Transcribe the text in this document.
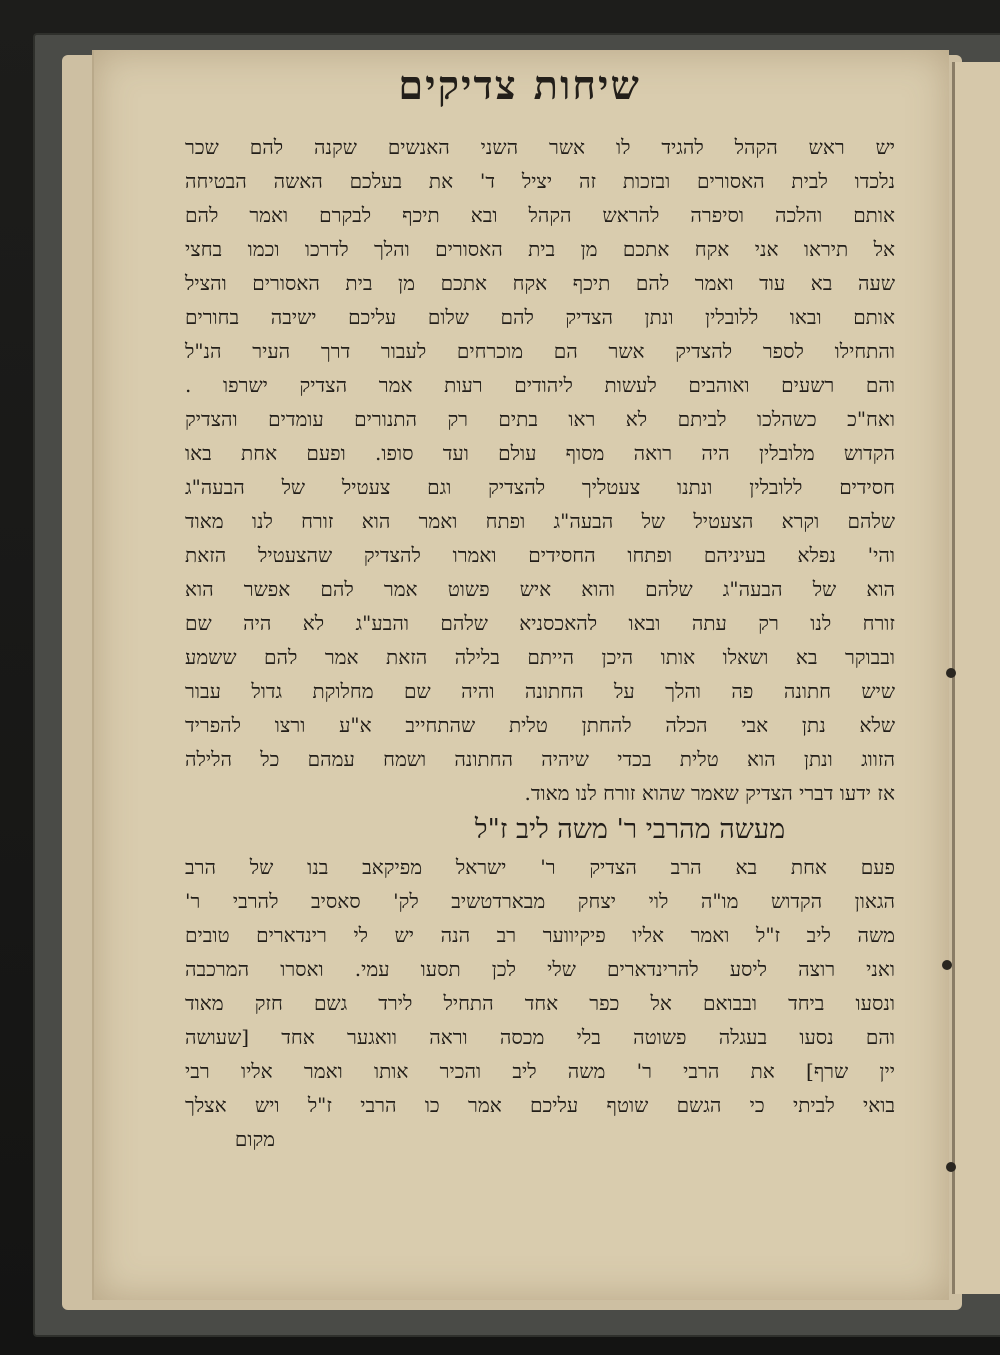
שיחות צדיקים
יש ראש הקהל להגיד לו אשר השני האנשים שקנה להם שכר
נלכדו לבית האסורים ובזכות זה יציל ד' את בעלכם האשה הבטיחה
אותם והלכה וסיפרה להראש הקהל ובא תיכף לבקרם ואמר להם
אל תיראו אני אקח אתכם מן בית האסורים והלך לדרכו וכמו בחצי
שעה בא עוד ואמר להם תיכף אקח אתכם מן בית האסורים והציל
אותם ובאו ללובלין ונתן הצדיק להם שלום עליכם ישיבה בחורים
והתחילו לספר להצדיק אשר הם מוכרחים לעבור דרך העיר הנ"ל
והם רשעים ואוהבים לעשות ליהודים רעות אמר הצדיק ישרפו .
ואח"כ כשהלכו לביתם לא ראו בתים רק התנורים עומדים והצדיק
הקדוש מלובלין היה רואה מסוף עולם ועד סופו. ופעם אחת באו
חסידים ללובלין ונתנו צעטליך להצדיק וגם צעטיל של הבעה"ג
שלהם וקרא הצעטיל של הבעה"ג ופתח ואמר הוא זורח לנו מאוד
והי' נפלא בעיניהם ופתחו החסידים ואמרו להצדיק שהצעטיל הזאת
הוא של הבעה"ג שלהם והוא איש פשוט אמר להם אפשר הוא
זורח לנו רק עתה ובאו להאכסניא שלהם והבע"ג לא היה שם
ובבוקר בא ושאלו אותו היכן הייתם בלילה הזאת אמר להם ששמע
שיש חתונה פה והלך על החתונה והיה שם מחלוקת גדול עבור
שלא נתן אבי הכלה להחתן טלית שהתחייב א"ע ורצו להפריד
הזווג ונתן הוא טלית בכדי שיהיה החתונה ושמח עמהם כל הלילה
אז ידעו דברי הצדיק שאמר שהוא זורח לנו מאוד.
מעשה מהרבי ר' משה ליב ז"ל
פעם אחת בא הרב הצדיק ר' ישראל מפיקאב בנו של הרב
הגאון הקדוש מו"ה לוי יצחק מבארדטשיב לק' סאסיב להרבי ר'
משה ליב ז"ל ואמר אליו פיקיווער רב הנה יש לי רינדארים טובים
ואני רוצה ליסע להרינדארים שלי לכן תסעו עמי. ואסרו המרכבה
ונסעו ביחד ובבואם אל כפר אחד התחיל לירד גשם חזק מאוד
והם נסעו בעגלה פשוטה בלי מכסה וראה וואגער אחד [שעושה
יין שרף] את הרבי ר' משה ליב והכיר אותו ואמר אליו רבי
בואי לביתי כי הגשם שוטף עליכם אמר כו הרבי ז"ל ויש אצלך
מקום
